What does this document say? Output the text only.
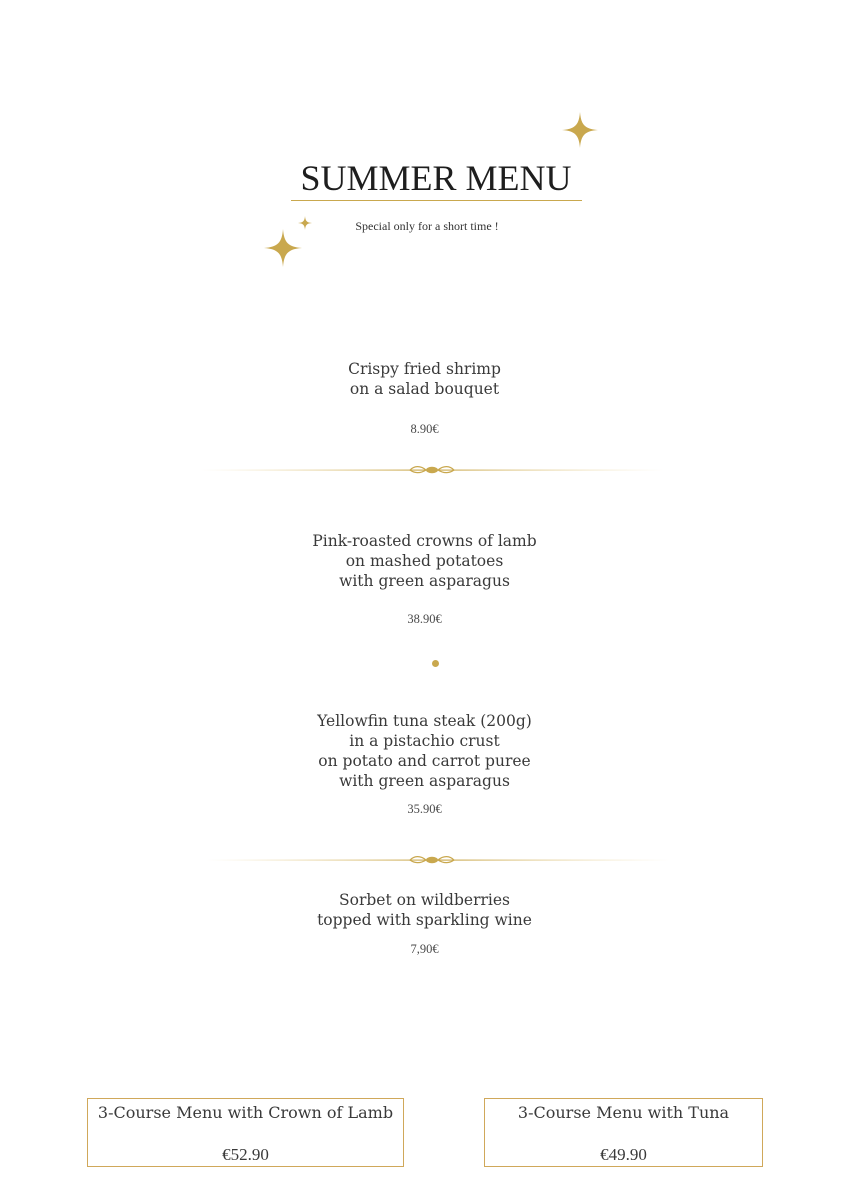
SUMMER MENU
Special only for a short time !
Crispy fried shrimp
on a salad bouquet
8.90€
Pink-roasted crowns of lamb
on mashed potatoes
with green asparagus
38.90€
Yellowfin tuna steak (200g)
in a pistachio crust
on potato and carrot puree
with green asparagus
35.90€
Sorbet on wildberries
topped with sparkling wine
7,90€
3-Course Menu with Crown of Lamb
€52.90
3-Course Menu with Tuna
€49.90
